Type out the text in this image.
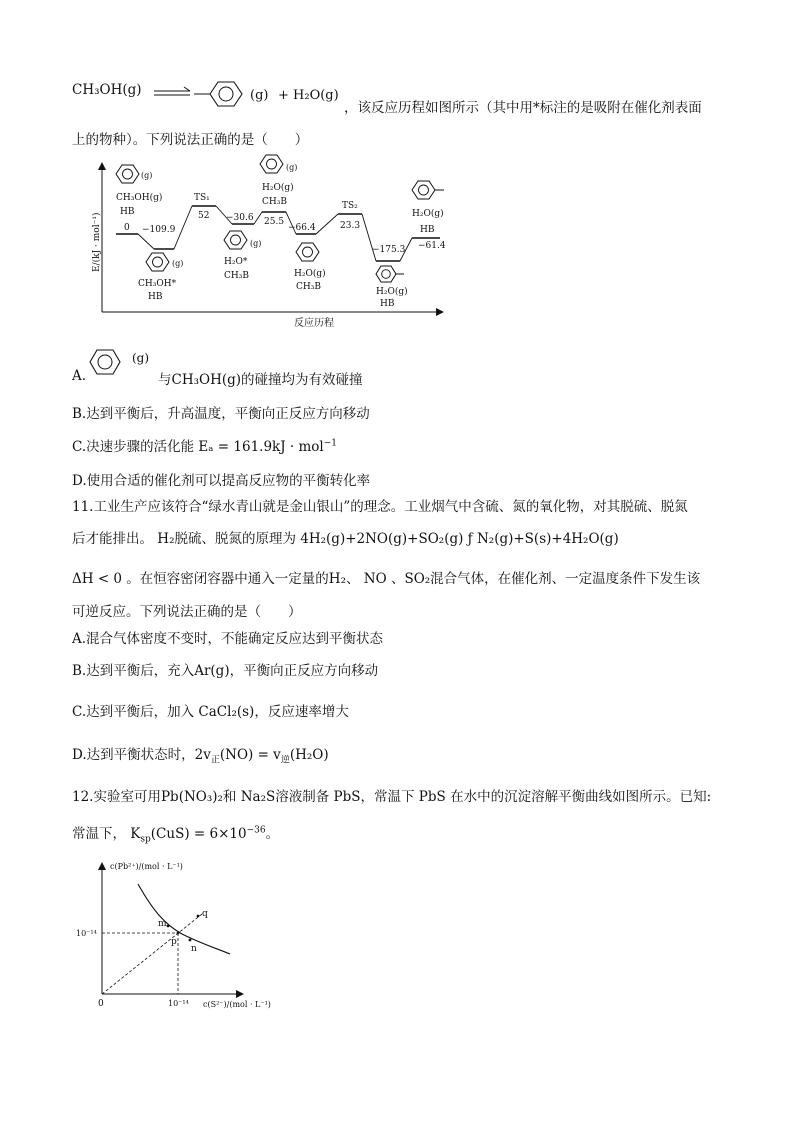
CH₃OH(g)	(g) + H₂O(g)
，该反应历程如图所示（其中用*标注的是吸附在催化剂表面
上的物种）。下列说法正确的是（　　）
E/(kJ · mol⁻¹)
反应历程
(g)
CH₃OH(g)
HB
0 −109.9
(g)
CH₃OH*
HB
TS₁
52 −30.6
(g)
H₂O*
CH₃B
(g)
H₂O(g)
CH₃B
25.5
−66.4
H₂O(g)
CH₃B
TS₂
23.3
−175.3
H₂O(g)
HB
H₂O(g)
HB
−61.4
A.
(g)
与CH₃OH(g)的碰撞均为有效碰撞
B.达到平衡后，升高温度，平衡向正反应方向移动
C.决速步骤的活化能 Eₐ = 161.9kJ · mol$^{-1}$
D.使用合适的催化剂可以提高反应物的平衡转化率
11.工业生产应该符合“绿水青山就是金山银山”的理念。工业烟气中含硫、氮的氧化物，对其脱硫、脱氮
后才能排出。 H₂脱硫、脱氮的原理为 4H₂(g)+2NO(g)+SO₂(g) ƒ N₂(g)+S(s)+4H₂O(g)
ΔH < 0 。在恒容密闭容器中通入一定量的H₂、 NO 、SO₂混合气体，在催化剂、一定温度条件下发生该
可逆反应。下列说法正确的是（　　）
A.混合气体密度不变时，不能确定反应达到平衡状态
B.达到平衡后，充入Ar(g)，平衡向正反应方向移动
C.达到平衡后，加入 CaCl₂(s)，反应速率增大
D.达到平衡状态时，$2v_正(NO) = v_逆(H_2O)$
12.实验室可用Pb(NO₃)₂和 Na₂S溶液制备 PbS，常温下 PbS 在水中的沉淀溶解平衡曲线如图所示。已知:
常温下， $K_{sp}(CuS) = 6\times 10^{-36}$。
c(Pb²⁺)/(mol · L⁻¹)
c(S²⁻)/(mol · L⁻¹)
0
10⁻¹⁴
10⁻¹⁴
m
p
n
q
